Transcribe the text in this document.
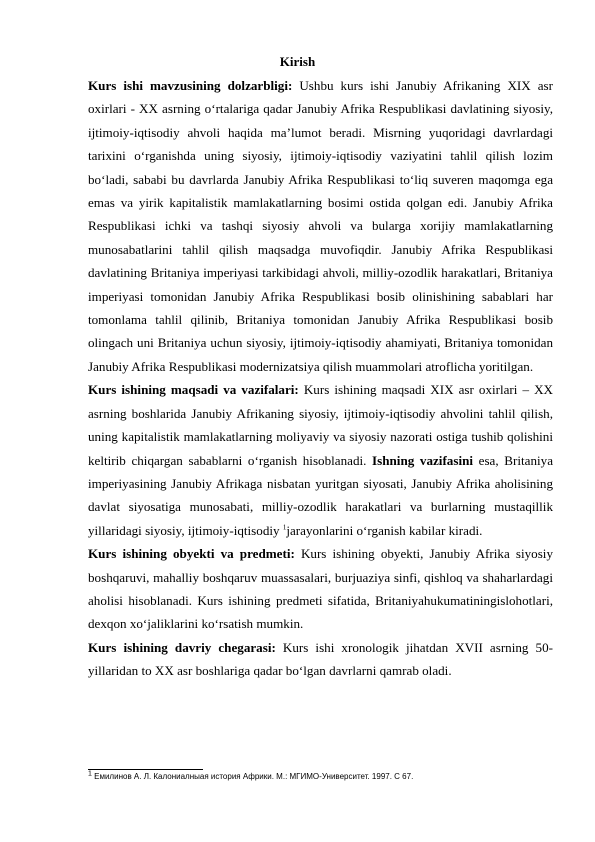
Kirish

Kurs ishi mavzusining dolzarbligi: Ushbu kurs ishi Janubiy Afrikaning XIX asr oxirlari - XX asrning o‘rtalariga qadar Janubiy Afrika Respublikasi davlatining siyosiy, ijtimoiy-iqtisodiy ahvoli haqida ma’lumot beradi. Misrning yuqoridagi davrlardagi tarixini o‘rganishda uning siyosiy, ijtimoiy-iqtisodiy vaziyatini tahlil qilish lozim bo‘ladi, sababi bu davrlarda Janubiy Afrika Respublikasi to‘liq suveren maqomga ega emas va yirik kapitalistik mamlakatlarning bosimi ostida qolgan edi. Janubiy Afrika Respublikasi ichki va tashqi siyosiy ahvoli va bularga xorijiy mamlakatlarning munosabatlarini tahlil qilish maqsadga muvofiqdir. Janubiy Afrika Respublikasi davlatining Britaniya imperiyasi tarkibidagi ahvoli, milliy-ozodlik harakatlari, Britaniya imperiyasi tomonidan Janubiy Afrika Respublikasi bosib olinishining sabablari har tomonlama tahlil qilinib, Britaniya tomonidan Janubiy Afrika Respublikasi bosib olingach uni Britaniya uchun siyosiy, ijtimoiy-iqtisodiy ahamiyati, Britaniya tomonidan Janubiy Afrika Respublikasi modernizatsiya qilish muammolari atroflicha yoritilgan.

Kurs ishining maqsadi va vazifalari: Kurs ishining maqsadi XIX asr oxirlari – XX asrning boshlarida Janubiy Afrikaning siyosiy, ijtimoiy-iqtisodiy ahvolini tahlil qilish, uning kapitalistik mamlakatlarning moliyaviy va siyosiy nazorati ostiga tushib qolishini keltirib chiqargan sabablarni o‘rganish hisoblanadi. Ishning vazifasini esa, Britaniya imperiyasining Janubiy Afrikaga nisbatan yuritgan siyosati, Janubiy Afrika aholisining davlat siyosatiga munosabati, milliy-ozodlik harakatlari va burlarning mustaqillik yillaridagi siyosiy, ijtimoiy-iqtisodiy $^1$jarayonlarini o‘rganish kabilar kiradi.

Kurs ishining obyekti va predmeti: Kurs ishining obyekti, Janubiy Afrika siyosiy boshqaruvi, mahalliy boshqaruv muassasalari, burjuaziya sinfi, qishloq va shaharlardagi aholisi hisoblanadi. Kurs ishining predmeti sifatida, Britaniyahukumatiningislohotlari, dexqon xo‘jaliklarini ko‘rsatish mumkin.

Kurs ishining davriy chegarasi: Kurs ishi xronologik jihatdan XVII asrning 50-yillaridan to XX asr boshlariga qadar bo‘lgan davrlarni qamrab oladi.

$^1$ Емилинов А. Л. Калониалныая история Африки. М.: МГИМО-Университет. 1997. С 67.
